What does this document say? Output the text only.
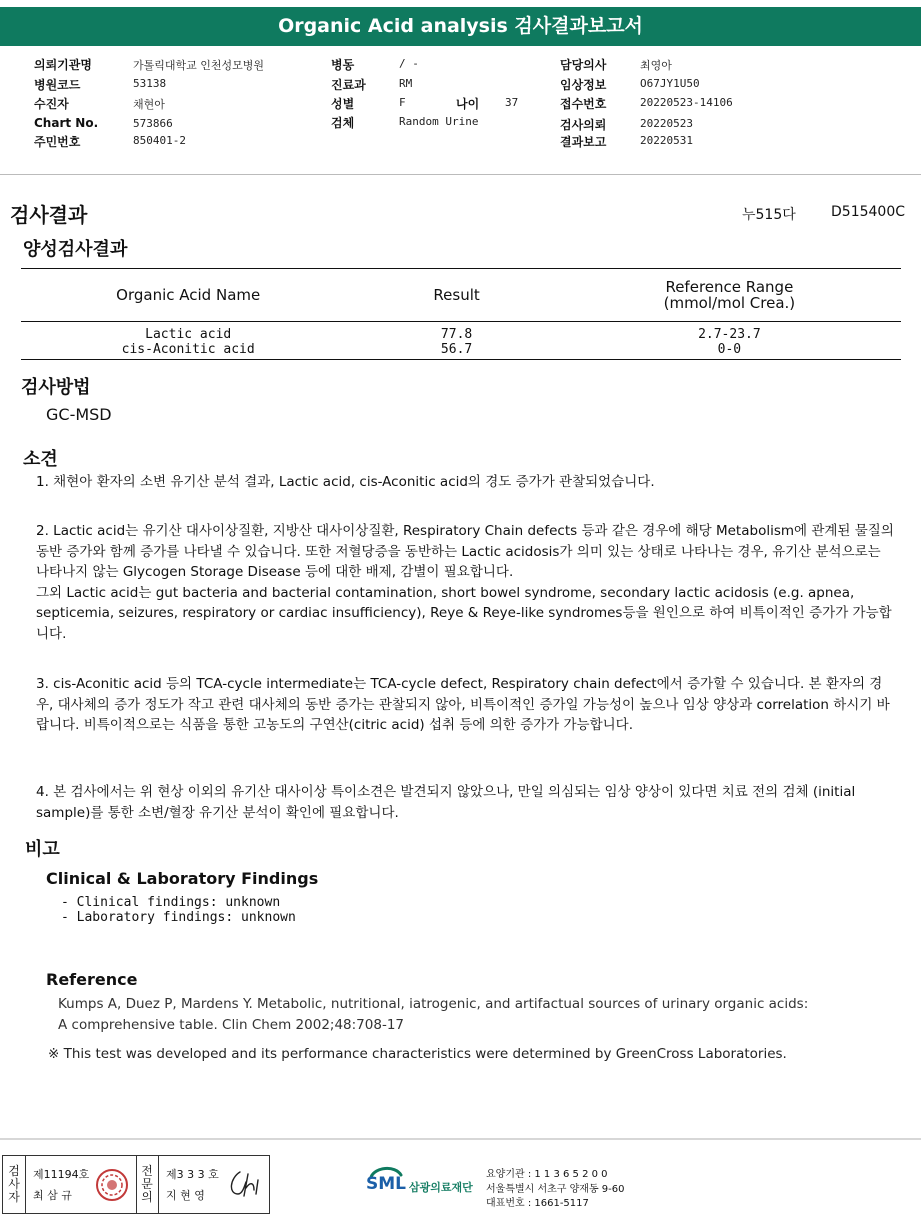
Organic Acid analysis 검사결과보고서
의뢰기관명	가톨릭대학교 인천성모병원
병원코드	53138
수진자	채현아
Chart No.	573866
주민번호	850401-2
병동	/ -
진료과	RM
성별	F	나이 37
검체	Random Urine
담당의사	최영아
임상정보	O67JY1U50
접수번호	20220523-14106
검사의뢰	20220523
결과보고	20220531
검사결과	누515다	D515400C
양성검사결과
Organic Acid Name	Result	Reference Range
(mmol/mol Crea.)
Lactic acid	77.8	2.7-23.7
cis-Aconitic acid	56.7	0-0
검사방법
GC-MSD
소견

1. 채현아 환자의 소변 유기산 분석 결과, Lactic acid, cis-Aconitic acid의 경도 증가가 관찰되었습니다.

2. Lactic acid는 유기산 대사이상질환, 지방산 대사이상질환, Respiratory Chain defects 등과 같은 경우에 해당 Metabolism에 관계된 물질의 동반 증가와 함께 증가를 나타낼 수 있습니다. 또한 저혈당증을 동반하는 Lactic acidosis가 의미 있는 상태로 나타나는 경우, 유기산 분석으로는 나타나지 않는 Glycogen Storage Disease 등에 대한 배제, 감별이 필요합니다.

그외 Lactic acid는 gut bacteria and bacterial contamination, short bowel syndrome, secondary lactic acidosis (e.g. apnea, septicemia, seizures, respiratory or cardiac insufficiency), Reye & Reye-like syndromes등을 원인으로 하여 비특이적인 증가가 가능합니다.

3. cis-Aconitic acid 등의 TCA-cycle intermediate는 TCA-cycle defect, Respiratory chain defect에서 증가할 수 있습니다. 본 환자의 경우, 대사체의 증가 정도가 작고 관련 대사체의 동반 증가는 관찰되지 않아, 비특이적인 증가일 가능성이 높으나 임상 양상과 correlation 하시기 바랍니다. 비특이적으로는 식품을 통한 고농도의 구연산(citric acid) 섭취 등에 의한 증가가 가능합니다.

4. 본 검사에서는 위 현상 이외의 유기산 대사이상 특이소견은 발견되지 않았으나, 만일 의심되는 임상 양상이 있다면 치료 전의 검체 (initial sample)를 통한 소변/혈장 유기산 분석이 확인에 필요합니다.

비고
Clinical & Laboratory Findings
- Clinical findings: unknown
- Laboratory findings: unknown
Reference
Kumps A, Duez P, Mardens Y. Metabolic, nutritional, iatrogenic, and artifactual sources of urinary organic acids:
A comprehensive table. Clin Chem 2002;48:708-17
※ This test was developed and its performance characteristics were determined by GreenCross Laboratories.
검
사
자
제11194호
최 삼 규
전
문
의
제3 3 3 호
지 현 영
SML 삼광의료재단
요양기관 : 1 1 3 6 5 2 0 0
서울특별시 서초구 양재동 9-60
대표번호 : 1661-5117
